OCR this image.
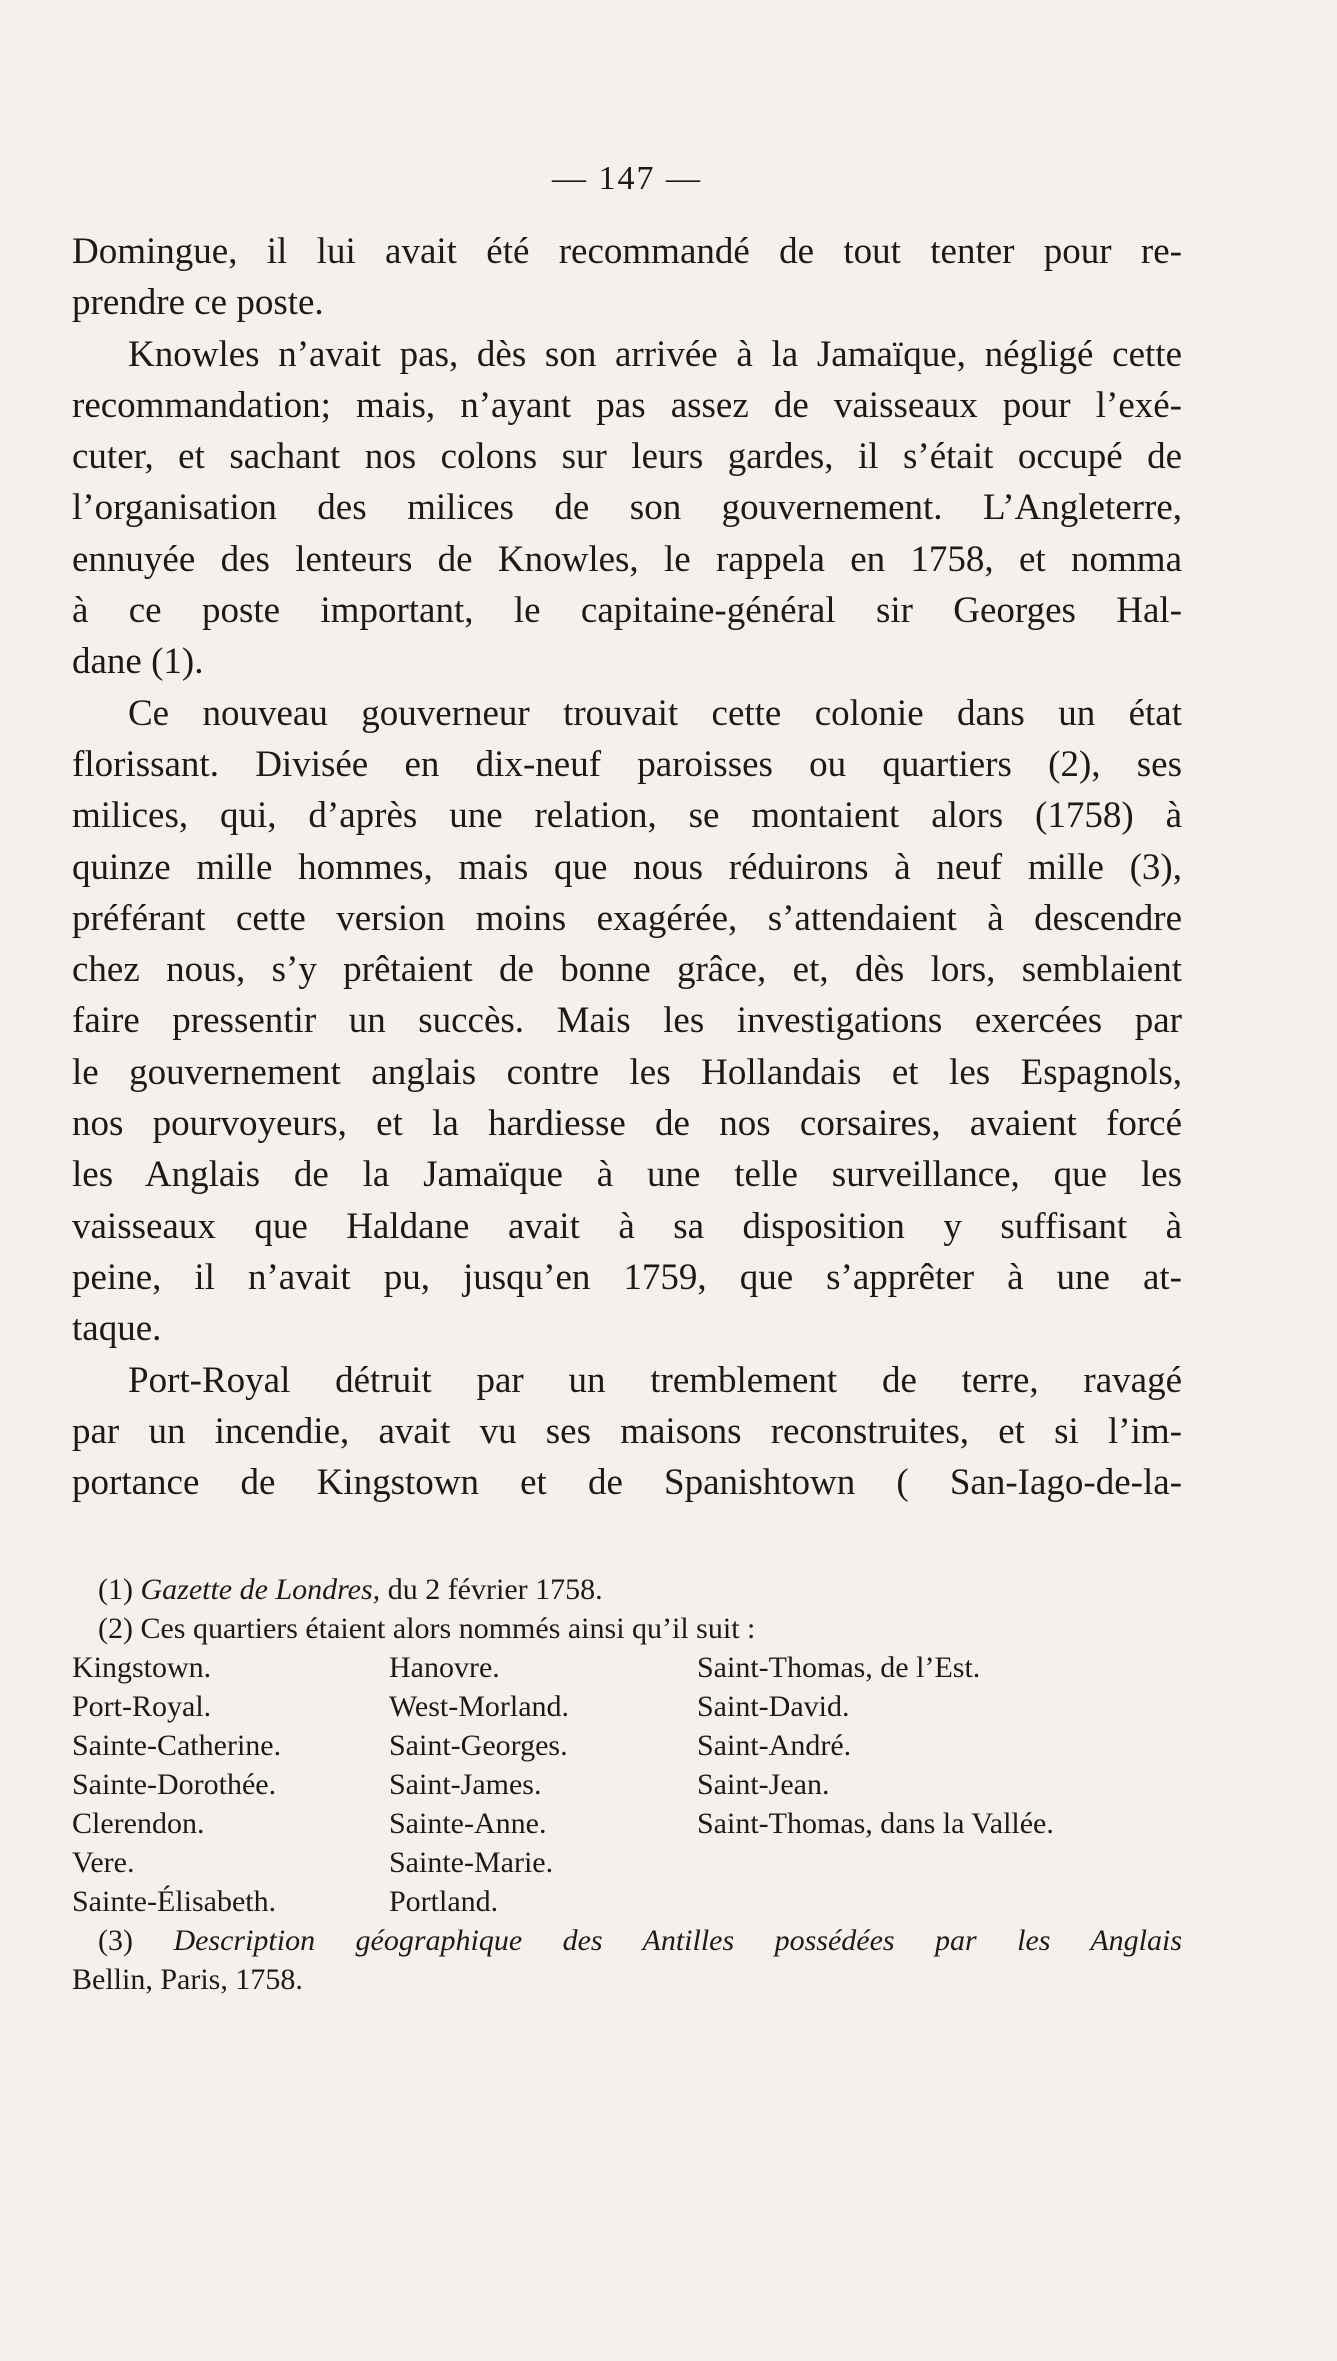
— 147 —

Domingue, il lui avait été recommandé de tout tenter pour re-

prendre ce poste.

Knowles n’avait pas, dès son arrivée à la Jamaïque, négligé cette

recommandation; mais, n’ayant pas assez de vaisseaux pour l’exé-

cuter, et sachant nos colons sur leurs gardes, il s’était occupé de

l’organisation des milices de son gouvernement. L’Angleterre,

ennuyée des lenteurs de Knowles, le rappela en 1758, et nomma

à ce poste important, le capitaine-général sir Georges Hal-

dane (1).

Ce nouveau gouverneur trouvait cette colonie dans un état

florissant. Divisée en dix-neuf paroisses ou quartiers (2), ses

milices, qui, d’après une relation, se montaient alors (1758) à

quinze mille hommes, mais que nous réduirons à neuf mille (3),

préférant cette version moins exagérée, s’attendaient à descendre

chez nous, s’y prêtaient de bonne grâce, et, dès lors, semblaient

faire pressentir un succès. Mais les investigations exercées par

le gouvernement anglais contre les Hollandais et les Espagnols,

nos pourvoyeurs, et la hardiesse de nos corsaires, avaient forcé

les Anglais de la Jamaïque à une telle surveillance, que les

vaisseaux que Haldane avait à sa disposition y suffisant à

peine, il n’avait pu, jusqu’en 1759, que s’apprêter à une at-

taque.

Port-Royal détruit par un tremblement de terre, ravagé

par un incendie, avait vu ses maisons reconstruites, et si l’im-

portance de Kingstown et de Spanishtown ( San-Iago-de-la-

(1) Gazette de Londres, du 2 février 1758.

(2) Ces quartiers étaient alors nommés ainsi qu’il suit :

Kingstown.	Hanovre.	Saint-Thomas, de l’Est.
Port-Royal.	West-Morland.	Saint-David.
Sainte-Catherine.	Saint-Georges.	Saint-André.
Sainte-Dorothée.	Saint-James.	Saint-Jean.
Clerendon.	Sainte-Anne.	Saint-Thomas, dans la Vallée.
Vere.	Sainte-Marie.	
Sainte-Élisabeth.	Portland.	

(3) Description géographique des Antilles possédées par les Anglais

Bellin, Paris, 1758.
